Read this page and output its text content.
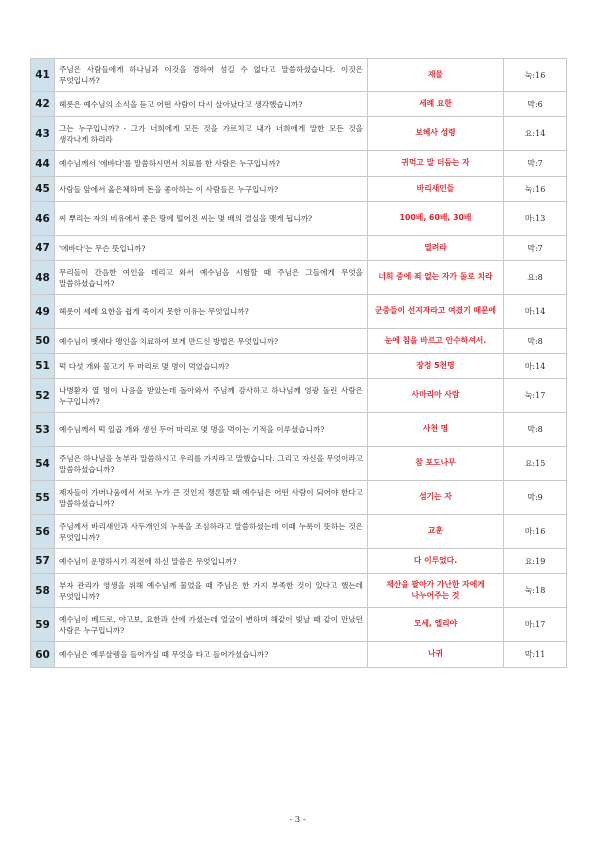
41	주님은 사람들에게 하나님과 이것을 겸하여 섬길 수 없다고 말씀하셨습니다. 이것은 무엇입니까?	재물	눅:16
42	헤롯은 예수님의 소식을 듣고 어떤 사람이 다시 살아났다고 생각했습니까?	세례 요한	막:6
43	그는 누구입니까? - 그가 너희에게 모든 것을 가르치고 내가 너희에게 말한 모든 것을 생각나게 하리라	보혜사 성령	요:14
44	예수님께서 '에바다'를 말씀하시면서 치료를 한 사람은 누구입니까?	귀먹고 말 더듬는 자	막:7
45	사람들 앞에서 옳은체하며 돈을 좋아하는 이 사람들은 누구입니까?	바리새인들	눅:16
46	씨 뿌리는 자의 비유에서 좋은 땅에 떨어진 씨는 몇 배의 결실을 맺게 됩니까?	100배, 60배, 30배	마:13
47	'에바다'는 무슨 뜻입니까?	열려라	막:7
48	무리들이 간음한 여인을 데리고 와서 예수님을 시험할 때 주님은 그들에게 무엇을 말씀하셨습니까?	너희 중에 죄 없는 자가 돌로 치라	요:8
49	헤롯이 세례 요한을 쉽게 죽이지 못한 이유는 무엇입니까?	군중들이 선지자라고 여겼기 때문에	마:14
50	예수님이 벳새다 맹인을 치료하여 보게 만드신 방법은 무엇입니까?	눈에 침을 바르고 안수하셔서.	막:8
51	떡 다섯 개와 물고기 두 마리로 몇 명이 먹었습니까?	장정 5천명	마:14
52	나병환자 열 명이 나음을 받았는데 돌아와서 주님께 감사하고 하나님께 영광 돌린 사람은 누구입니까?	사마리아 사람	눅:17
53	예수님께서 떡 일곱 개와 생선 두어 마리로 몇 명을 먹이는 기적을 이루셨습니까?	사천 명	막:8
54	주님은 하나님을 농부라 말씀하시고 우리를 가지라고 말했습니다. 그리고 자신을 무엇이라고 말씀하셨습니까?	참 포도나무	요:15
55	제자들이 가버나움에서 서로 누가 큰 것인지 쟁론할 때 예수님은 어떤 사람이 되어야 한다고 말씀하셨습니까?	섬기는 자	막:9
56	주님께서 바리새인과 사두개인의 누룩을 조심하라고 말씀하셨는데 이때 누룩이 뜻하는 것은 무엇입니까?	교훈	마:16
57	예수님이 운명하시기 직전에 하신 말씀은 무엇입니까?	다 이루었다.	요:19
58	부자 관리가 영생을 위해 예수님께 물었을 때 주님은 한 가지 부족한 것이 있다고 했는데 무엇입니까?	재산을 팔아가 가난한 자에게 나누어주는 것	눅:18
59	예수님이 베드로, 야고보, 요한과 산에 가셨는데 얼굴이 변하며 해같이 빛날 때 같이 만났던 사람은 누구입니까?	모세, 엘리야	마:17
60	예수님은 예루살렘을 들어가실 때 무엇을 타고 들어가셨습니까?	나귀	막:11
- 3 -
